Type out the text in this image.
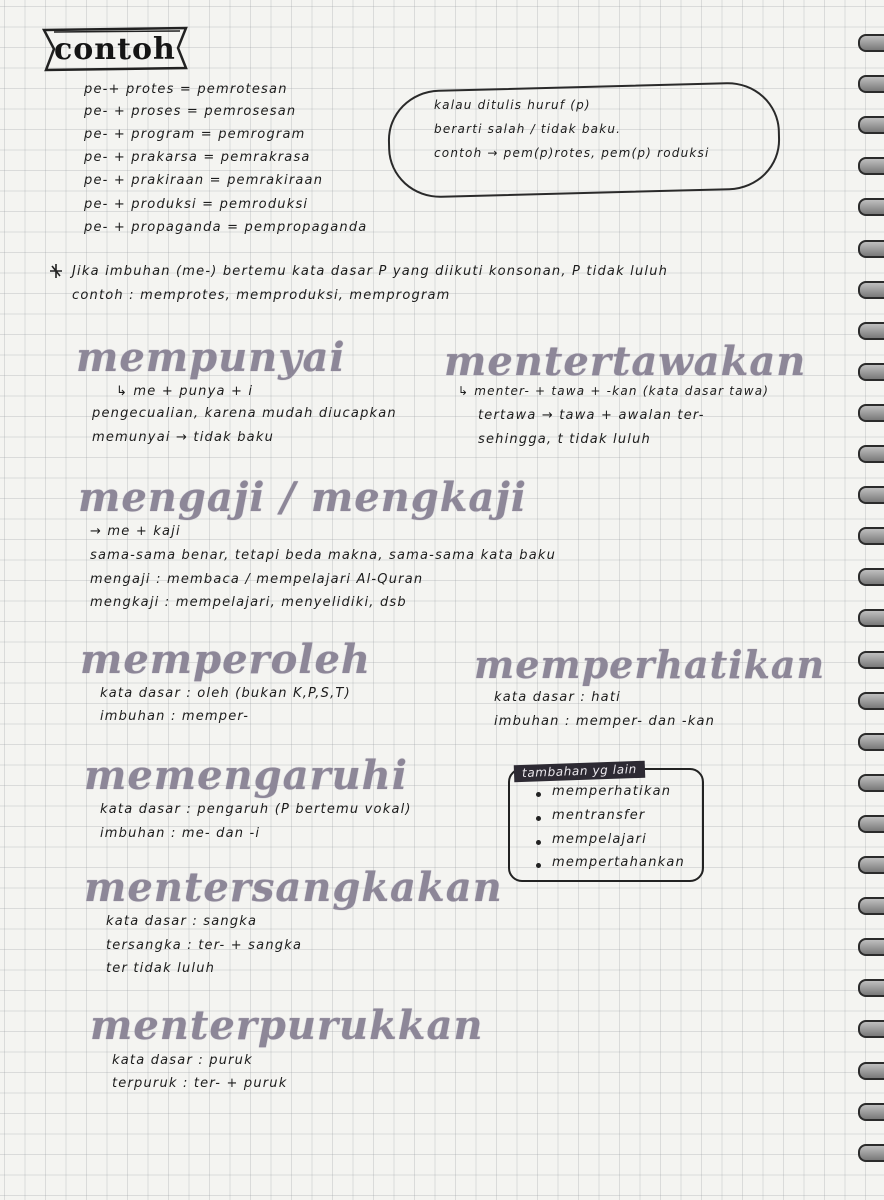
contoh
pe-+ protes = pemrotesan
pe- + proses = pemrosesan
pe- + program = pemrogram
pe- + prakarsa = pemrakrasa
pe- + prakiraan = pemrakiraan
pe- + produksi = pemroduksi
pe- + propaganda = pempropaganda
kalau ditulis huruf (p)
berarti salah / tidak baku.
contoh → pem(p)rotes, pem(p) roduksi
Jika imbuhan (me-) bertemu kata dasar P yang diikuti konsonan, P tidak luluh
contoh : memprotes, memproduksi, memprogram
mempunyai
↳ me + punya + i
pengecualian, karena mudah diucapkan
memunyai → tidak baku
mentertawakan
↳ menter- + tawa + -kan (kata dasar tawa)
tertawa → tawa + awalan ter-
sehingga, t tidak luluh
mengaji / mengkaji
→ me + kaji
sama-sama benar, tetapi beda makna, sama-sama kata baku
mengaji : membaca / mempelajari Al-Quran
mengkaji : mempelajari, menyelidiki, dsb
memperoleh
kata dasar : oleh (bukan K,P,S,T)
imbuhan : memper-
memperhatikan
kata dasar : hati
imbuhan : memper- dan -kan
memengaruhi
kata dasar : pengaruh (P bertemu vokal)
imbuhan : me- dan -i
tambahan yg lain
memperhatikan
mentransfer
mempelajari
mempertahankan
mentersangkakan
kata dasar : sangka
tersangka : ter- + sangka
ter tidak luluh
menterpurukkan
kata dasar : puruk
terpuruk : ter- + puruk
